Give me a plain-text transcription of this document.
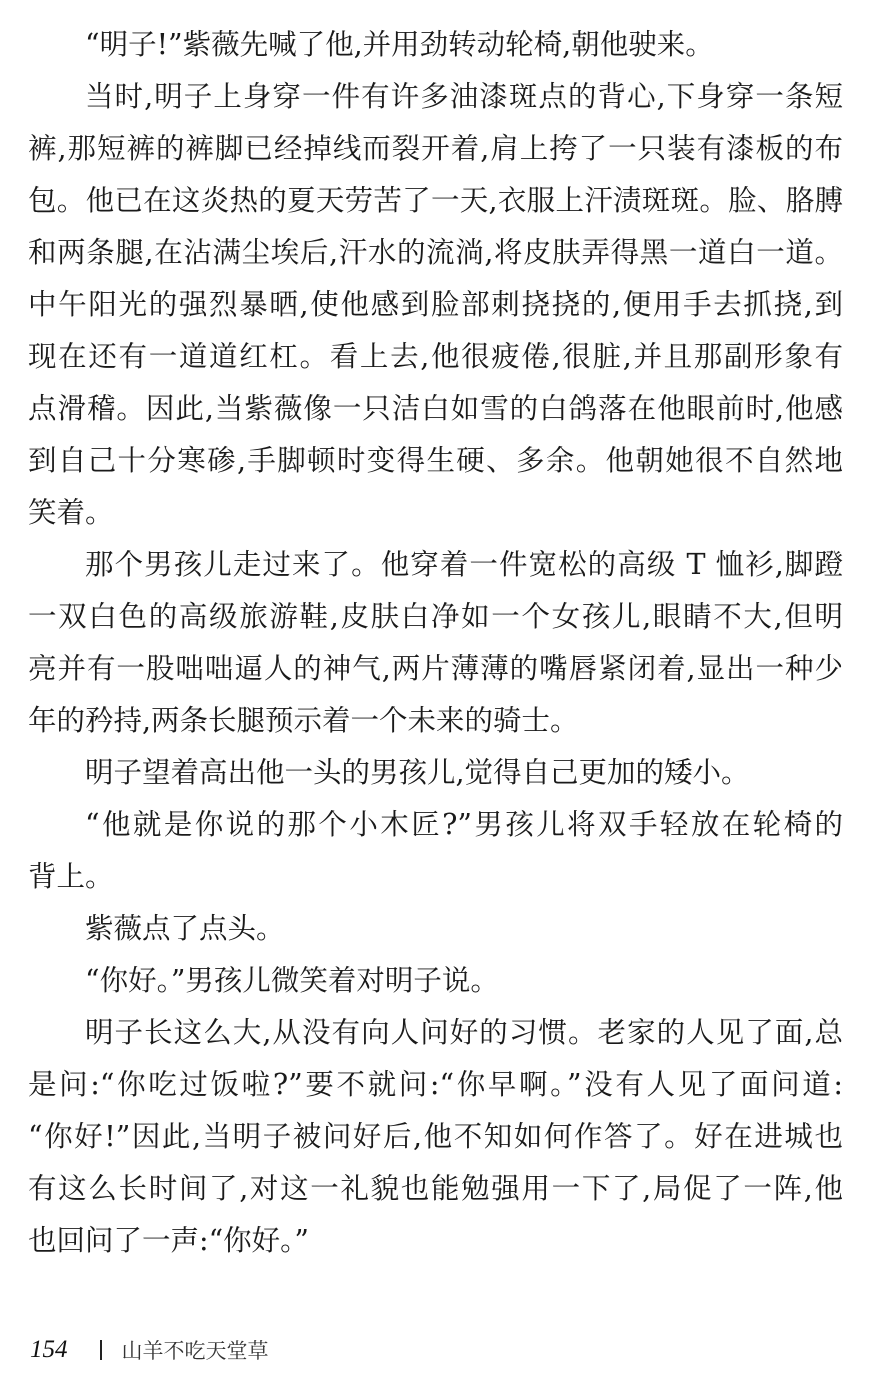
“明子!”紫薇先喊了他,并用劲转动轮椅,朝他驶来。
当时,明子上身穿一件有许多油漆斑点的背心,下身穿一条短
裤,那短裤的裤脚已经掉线而裂开着,肩上挎了一只装有漆板的布
包。他已在这炎热的夏天劳苦了一天,衣服上汗渍斑斑。脸、胳膊
和两条腿,在沾满尘埃后,汗水的流淌,将皮肤弄得黑一道白一道。
中午阳光的强烈暴晒,使他感到脸部刺挠挠的,便用手去抓挠,到
现在还有一道道红杠。看上去,他很疲倦,很脏,并且那副形象有
点滑稽。因此,当紫薇像一只洁白如雪的白鸽落在他眼前时,他感
到自己十分寒碜,手脚顿时变得生硬、多余。他朝她很不自然地
笑着。
那个男孩儿走过来了。他穿着一件宽松的高级 T 恤衫,脚蹬
一双白色的高级旅游鞋,皮肤白净如一个女孩儿,眼睛不大,但明
亮并有一股咄咄逼人的神气,两片薄薄的嘴唇紧闭着,显出一种少
年的矜持,两条长腿预示着一个未来的骑士。
明子望着高出他一头的男孩儿,觉得自己更加的矮小。
“他就是你说的那个小木匠?”男孩儿将双手轻放在轮椅的
背上。
紫薇点了点头。
“你好。”男孩儿微笑着对明子说。
明子长这么大,从没有向人问好的习惯。老家的人见了面,总
是问:“你吃过饭啦?”要不就问:“你早啊。”没有人见了面问道:
“你好!”因此,当明子被问好后,他不知如何作答了。好在进城也
有这么长时间了,对这一礼貌也能勉强用一下了,局促了一阵,他
也回问了一声:“你好。”
154	山羊不吃天堂草
